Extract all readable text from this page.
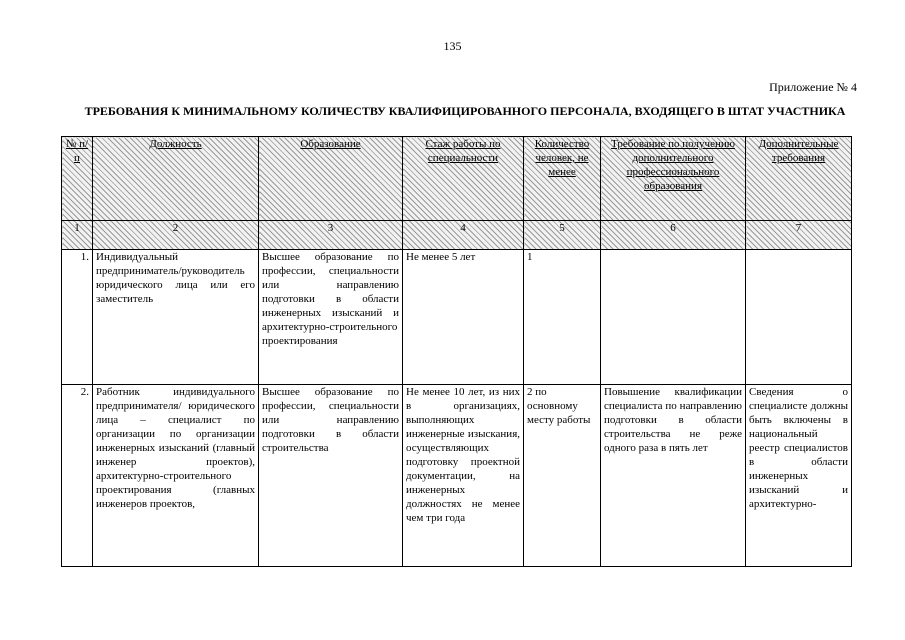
135
Приложение № 4
ТРЕБОВАНИЯ К МИНИМАЛЬНОМУ КОЛИЧЕСТВУ КВАЛИФИЦИРОВАННОГО ПЕРСОНАЛА, ВХОДЯЩЕГО В ШТАТ УЧАСТНИКА
№ п/п	Должность	Образование	Стаж работы по специальности	Количество человек, не менее	Требование по получению дополнительного профессионального образования	Дополнительные требования
1	2	3	4	5	6	7
1.	Индивидуальный предприниматель/руководитель юридического лица или его заместитель	Высшее образование по профессии, специальности или направлению подготовки в области инженерных изысканий и архитектурно-строительного проектирования	Не менее 5 лет	1		
2.	Работник индивидуального предпринимателя/ юридического лица – специалист по организации по организации инженерных изысканий (главный инженер проектов), архитектурно-строительного проектирования (главных инженеров проектов,	Высшее образование по профессии, специальности или направлению подготовки в области строительства	Не менее 10 лет, из них в организациях, выполняющих инженерные изыскания, осуществляющих подготовку проектной документации, на инженерных должностях не менее чем три года	2 по основному месту работы	Повышение квалификации специалиста по направлению подготовки в области строительства не реже одного раза в пять лет	Сведения о специалисте должны быть включены в национальный реестр специалистов в области инженерных изысканий и архитектурно-
